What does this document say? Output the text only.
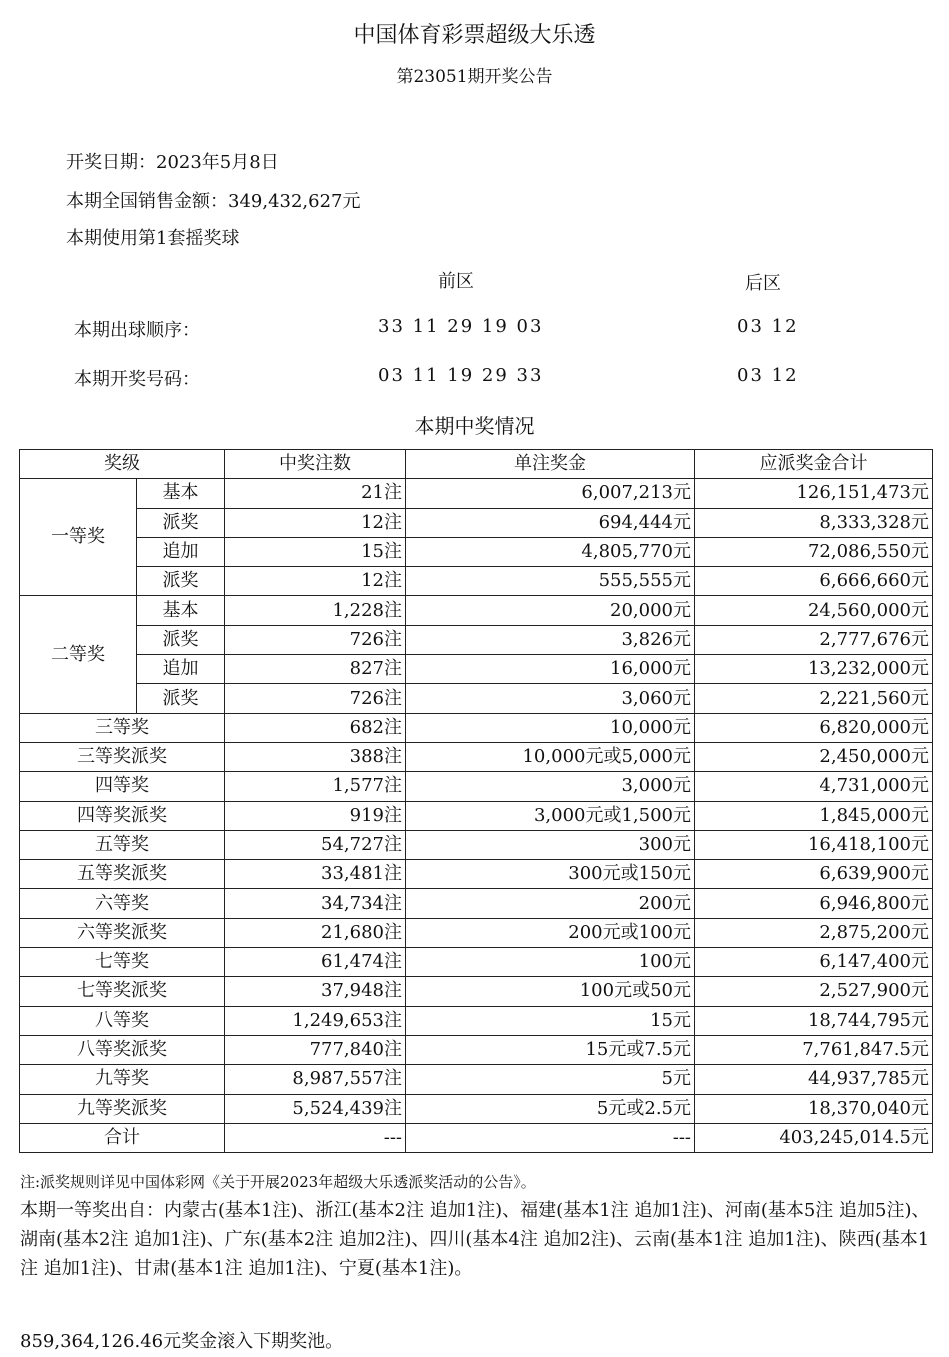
中国体育彩票超级大乐透
第23051期开奖公告
开奖日期：2023年5月8日
本期全国销售金额：349,432,627元
本期使用第1套摇奖球
前区	后区
本期出球顺序：	33 11 29 19 03	03 12
本期开奖号码：	03 11 19 29 33	03 12
本期中奖情况
奖级		中奖注数	单注奖金	应派奖金合计
一等奖	基本	21注	6,007,213元	126,151,473元
	派奖	12注	694,444元	8,333,328元
	追加	15注	4,805,770元	72,086,550元
	派奖	12注	555,555元	6,666,660元
二等奖	基本	1,228注	20,000元	24,560,000元
	派奖	726注	3,826元	2,777,676元
	追加	827注	16,000元	13,232,000元
	派奖	726注	3,060元	2,221,560元
三等奖		682注	10,000元	6,820,000元
三等奖派奖		388注	10,000元或5,000元	2,450,000元
四等奖		1,577注	3,000元	4,731,000元
四等奖派奖		919注	3,000元或1,500元	1,845,000元
五等奖		54,727注	300元	16,418,100元
五等奖派奖		33,481注	300元或150元	6,639,900元
六等奖		34,734注	200元	6,946,800元
六等奖派奖		21,680注	200元或100元	2,875,200元
七等奖		61,474注	100元	6,147,400元
七等奖派奖		37,948注	100元或50元	2,527,900元
八等奖		1,249,653注	15元	18,744,795元
八等奖派奖		777,840注	15元或7.5元	7,761,847.5元
九等奖		8,987,557注	5元	44,937,785元
九等奖派奖		5,524,439注	5元或2.5元	18,370,040元
合计		---	---	403,245,014.5元
注:派奖规则详见中国体彩网《关于开展2023年超级大乐透派奖活动的公告》。
本期一等奖出自：内蒙古(基本1注)、浙江(基本2注 追加1注)、福建(基本1注 追加1注)、河南(基本5注 追加5注)、湖南(基本2注 追加1注)、广东(基本2注 追加2注)、四川(基本4注 追加2注)、云南(基本1注 追加1注)、陕西(基本1注 追加1注)、甘肃(基本1注 追加1注)、宁夏(基本1注)。
859,364,126.46元奖金滚入下期奖池。
